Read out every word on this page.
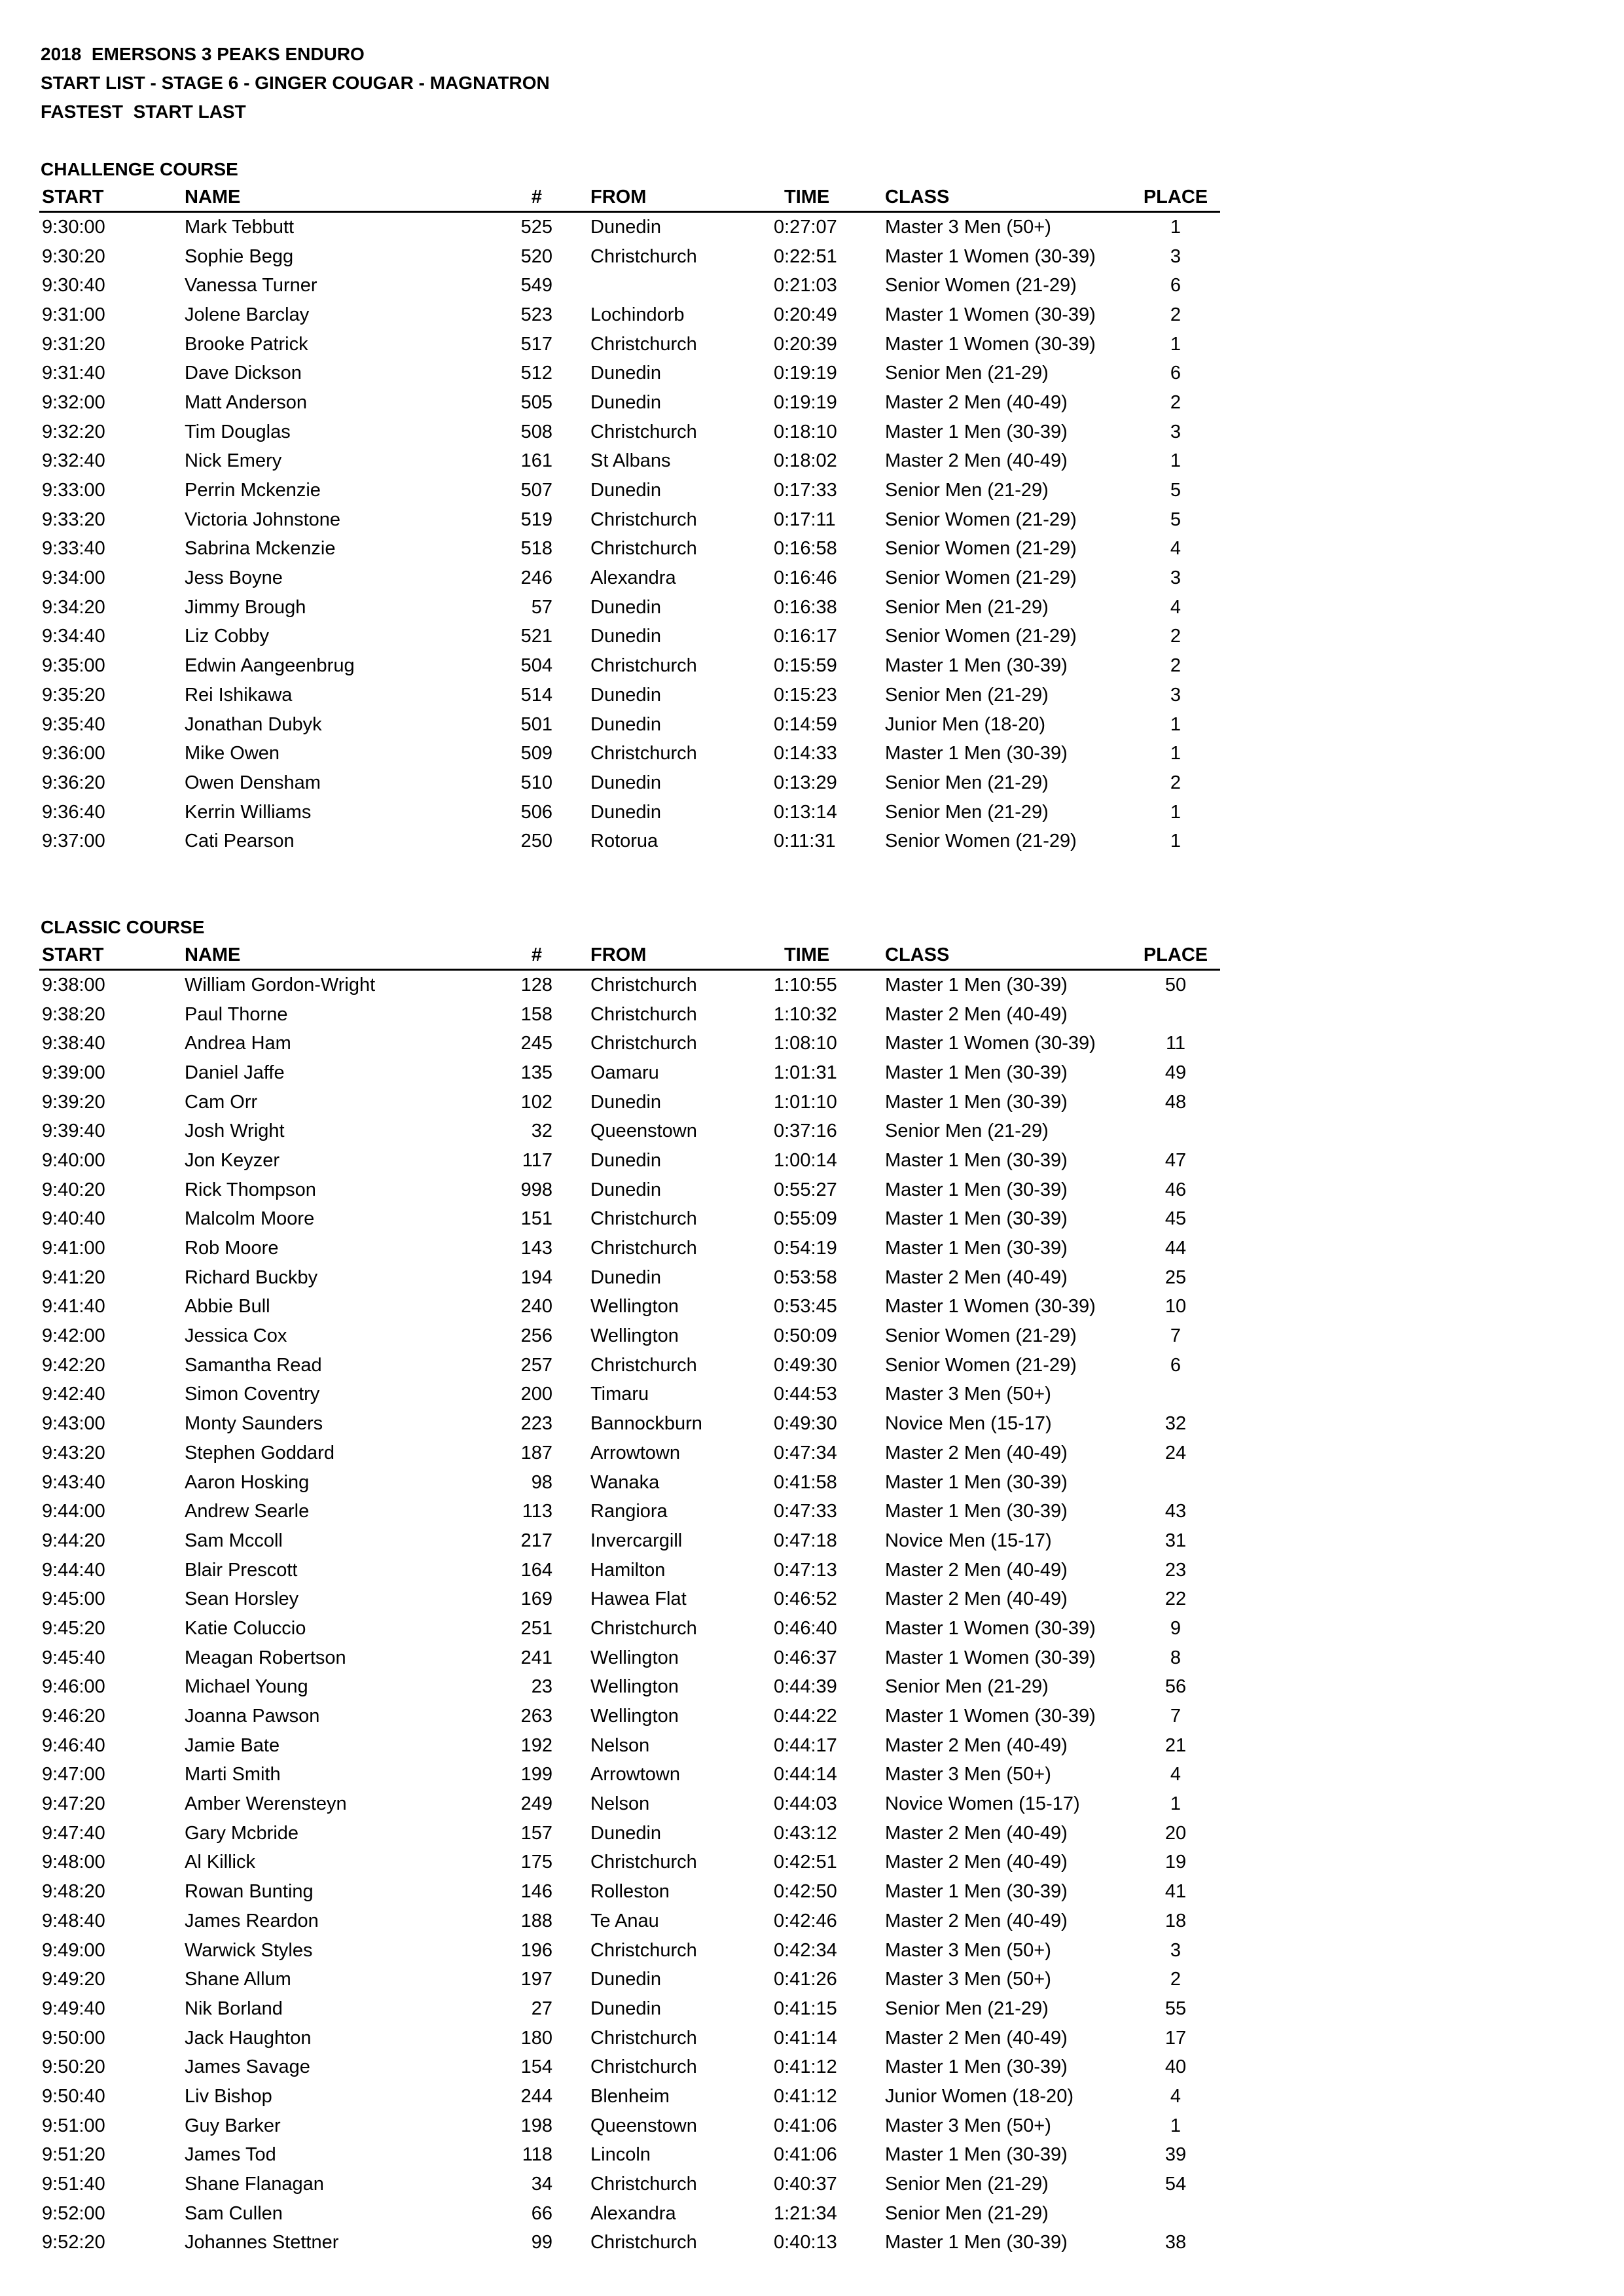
2018  EMERSONS 3 PEAKS ENDURO
START LIST - STAGE 6 - GINGER COUGAR - MAGNATRON
FASTEST  START LAST
CHALLENGE COURSE
START	NAME	#	FROM	TIME	CLASS	PLACE
9:30:00	Mark Tebbutt	525	Dunedin	0:27:07	Master 3 Men (50+)	1
9:30:20	Sophie Begg	520	Christchurch	0:22:51	Master 1 Women (30-39)	3
9:30:40	Vanessa Turner	549		0:21:03	Senior Women (21-29)	6
9:31:00	Jolene Barclay	523	Lochindorb	0:20:49	Master 1 Women (30-39)	2
9:31:20	Brooke Patrick	517	Christchurch	0:20:39	Master 1 Women (30-39)	1
9:31:40	Dave Dickson	512	Dunedin	0:19:19	Senior Men (21-29)	6
9:32:00	Matt Anderson	505	Dunedin	0:19:19	Master 2 Men (40-49)	2
9:32:20	Tim Douglas	508	Christchurch	0:18:10	Master 1 Men (30-39)	3
9:32:40	Nick Emery	161	St Albans	0:18:02	Master 2 Men (40-49)	1
9:33:00	Perrin Mckenzie	507	Dunedin	0:17:33	Senior Men (21-29)	5
9:33:20	Victoria Johnstone	519	Christchurch	0:17:11	Senior Women (21-29)	5
9:33:40	Sabrina Mckenzie	518	Christchurch	0:16:58	Senior Women (21-29)	4
9:34:00	Jess Boyne	246	Alexandra	0:16:46	Senior Women (21-29)	3
9:34:20	Jimmy Brough	57	Dunedin	0:16:38	Senior Men (21-29)	4
9:34:40	Liz Cobby	521	Dunedin	0:16:17	Senior Women (21-29)	2
9:35:00	Edwin Aangeenbrug	504	Christchurch	0:15:59	Master 1 Men (30-39)	2
9:35:20	Rei Ishikawa	514	Dunedin	0:15:23	Senior Men (21-29)	3
9:35:40	Jonathan Dubyk	501	Dunedin	0:14:59	Junior Men (18-20)	1
9:36:00	Mike Owen	509	Christchurch	0:14:33	Master 1 Men (30-39)	1
9:36:20	Owen Densham	510	Dunedin	0:13:29	Senior Men (21-29)	2
9:36:40	Kerrin Williams	506	Dunedin	0:13:14	Senior Men (21-29)	1
9:37:00	Cati Pearson	250	Rotorua	0:11:31	Senior Women (21-29)	1
CLASSIC COURSE
START	NAME	#	FROM	TIME	CLASS	PLACE
9:38:00	William Gordon-Wright	128	Christchurch	1:10:55	Master 1 Men (30-39)	50
9:38:20	Paul Thorne	158	Christchurch	1:10:32	Master 2 Men (40-49)	
9:38:40	Andrea Ham	245	Christchurch	1:08:10	Master 1 Women (30-39)	11
9:39:00	Daniel Jaffe	135	Oamaru	1:01:31	Master 1 Men (30-39)	49
9:39:20	Cam Orr	102	Dunedin	1:01:10	Master 1 Men (30-39)	48
9:39:40	Josh Wright	32	Queenstown	0:37:16	Senior Men (21-29)	
9:40:00	Jon Keyzer	117	Dunedin	1:00:14	Master 1 Men (30-39)	47
9:40:20	Rick Thompson	998	Dunedin	0:55:27	Master 1 Men (30-39)	46
9:40:40	Malcolm Moore	151	Christchurch	0:55:09	Master 1 Men (30-39)	45
9:41:00	Rob Moore	143	Christchurch	0:54:19	Master 1 Men (30-39)	44
9:41:20	Richard Buckby	194	Dunedin	0:53:58	Master 2 Men (40-49)	25
9:41:40	Abbie Bull	240	Wellington	0:53:45	Master 1 Women (30-39)	10
9:42:00	Jessica Cox	256	Wellington	0:50:09	Senior Women (21-29)	7
9:42:20	Samantha Read	257	Christchurch	0:49:30	Senior Women (21-29)	6
9:42:40	Simon Coventry	200	Timaru	0:44:53	Master 3 Men (50+)	
9:43:00	Monty Saunders	223	Bannockburn	0:49:30	Novice Men (15-17)	32
9:43:20	Stephen Goddard	187	Arrowtown	0:47:34	Master 2 Men (40-49)	24
9:43:40	Aaron Hosking	98	Wanaka	0:41:58	Master 1 Men (30-39)	
9:44:00	Andrew Searle	113	Rangiora	0:47:33	Master 1 Men (30-39)	43
9:44:20	Sam Mccoll	217	Invercargill	0:47:18	Novice Men (15-17)	31
9:44:40	Blair Prescott	164	Hamilton	0:47:13	Master 2 Men (40-49)	23
9:45:00	Sean Horsley	169	Hawea Flat	0:46:52	Master 2 Men (40-49)	22
9:45:20	Katie Coluccio	251	Christchurch	0:46:40	Master 1 Women (30-39)	9
9:45:40	Meagan Robertson	241	Wellington	0:46:37	Master 1 Women (30-39)	8
9:46:00	Michael Young	23	Wellington	0:44:39	Senior Men (21-29)	56
9:46:20	Joanna Pawson	263	Wellington	0:44:22	Master 1 Women (30-39)	7
9:46:40	Jamie Bate	192	Nelson	0:44:17	Master 2 Men (40-49)	21
9:47:00	Marti Smith	199	Arrowtown	0:44:14	Master 3 Men (50+)	4
9:47:20	Amber Werensteyn	249	Nelson	0:44:03	Novice Women (15-17)	1
9:47:40	Gary Mcbride	157	Dunedin	0:43:12	Master 2 Men (40-49)	20
9:48:00	Al Killick	175	Christchurch	0:42:51	Master 2 Men (40-49)	19
9:48:20	Rowan Bunting	146	Rolleston	0:42:50	Master 1 Men (30-39)	41
9:48:40	James Reardon	188	Te Anau	0:42:46	Master 2 Men (40-49)	18
9:49:00	Warwick Styles	196	Christchurch	0:42:34	Master 3 Men (50+)	3
9:49:20	Shane Allum	197	Dunedin	0:41:26	Master 3 Men (50+)	2
9:49:40	Nik Borland	27	Dunedin	0:41:15	Senior Men (21-29)	55
9:50:00	Jack Haughton	180	Christchurch	0:41:14	Master 2 Men (40-49)	17
9:50:20	James Savage	154	Christchurch	0:41:12	Master 1 Men (30-39)	40
9:50:40	Liv Bishop	244	Blenheim	0:41:12	Junior Women (18-20)	4
9:51:00	Guy Barker	198	Queenstown	0:41:06	Master 3 Men (50+)	1
9:51:20	James Tod	118	Lincoln	0:41:06	Master 1 Men (30-39)	39
9:51:40	Shane Flanagan	34	Christchurch	0:40:37	Senior Men (21-29)	54
9:52:00	Sam Cullen	66	Alexandra	1:21:34	Senior Men (21-29)	
9:52:20	Johannes Stettner	99	Christchurch	0:40:13	Master 1 Men (30-39)	38
